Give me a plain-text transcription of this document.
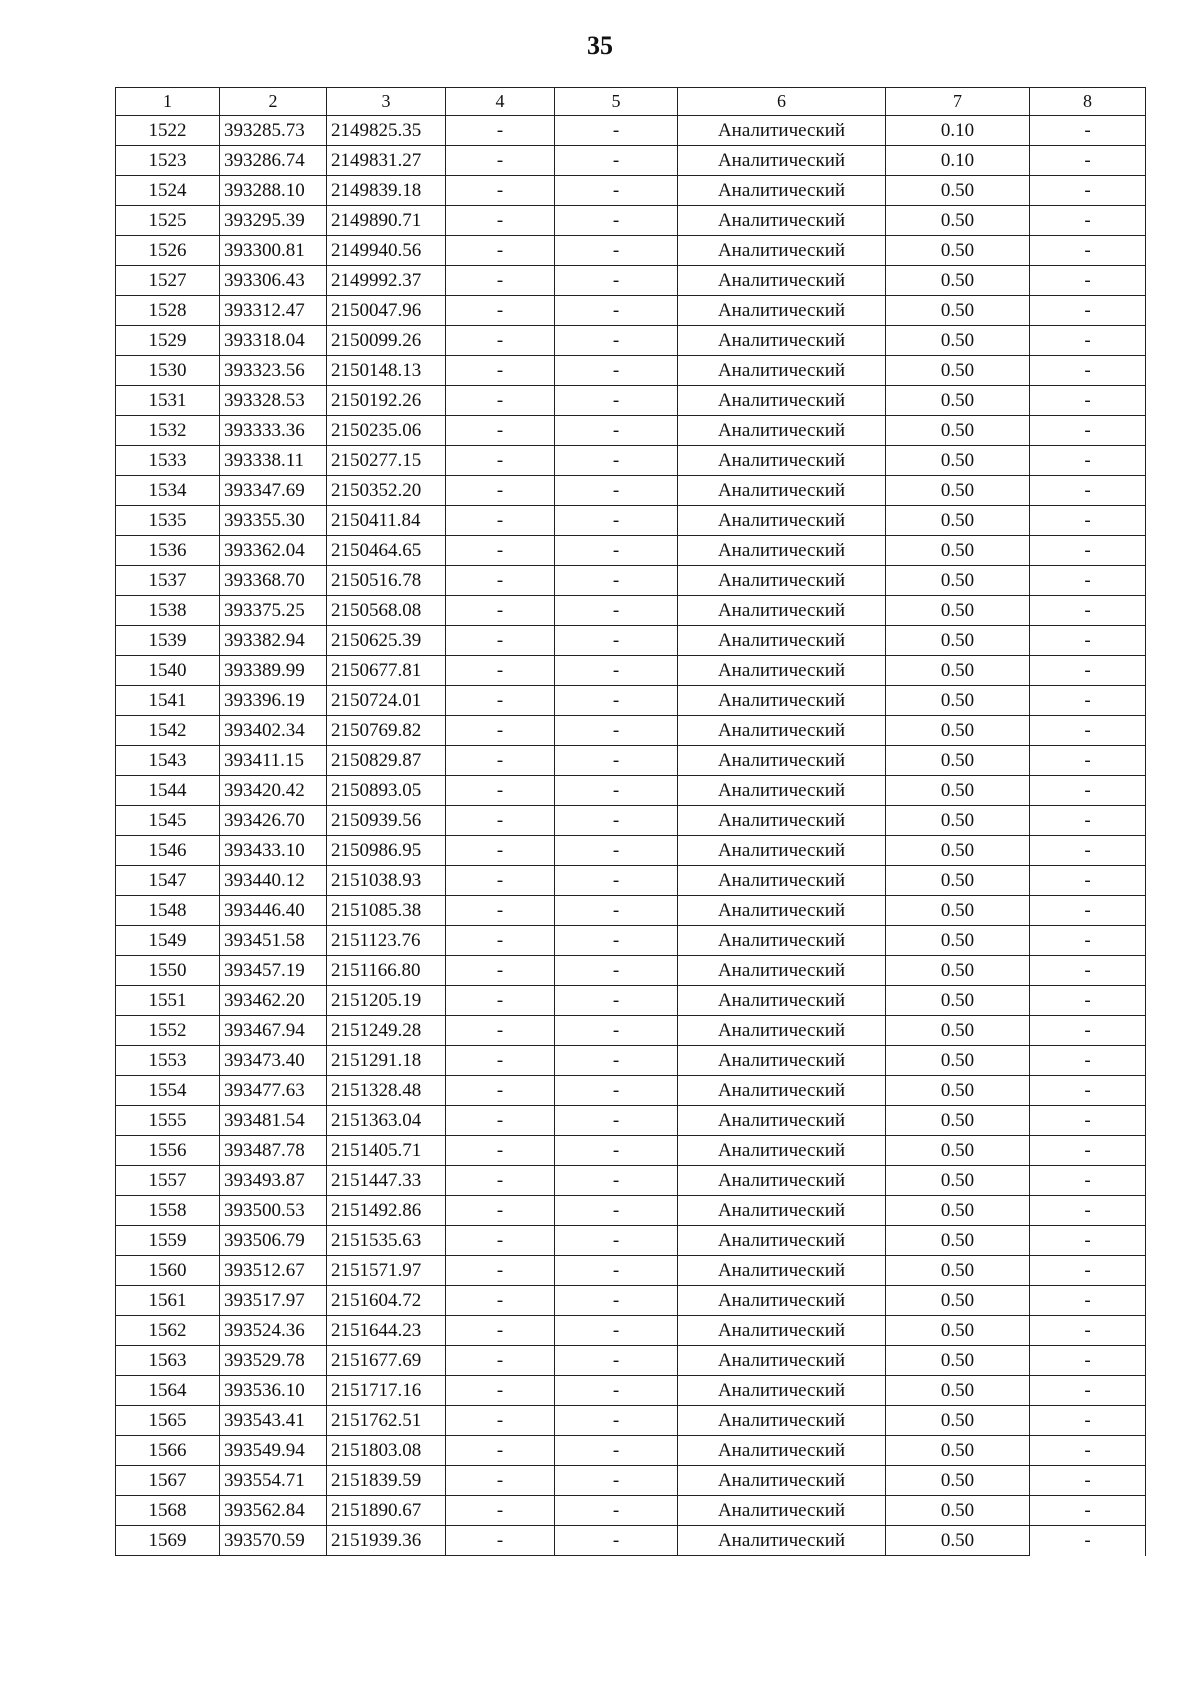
35
1	2	3	4	5	6	7	8
1522	393285.73	2149825.35	-	-	Аналитический	0.10	-
1523	393286.74	2149831.27	-	-	Аналитический	0.10	-
1524	393288.10	2149839.18	-	-	Аналитический	0.50	-
1525	393295.39	2149890.71	-	-	Аналитический	0.50	-
1526	393300.81	2149940.56	-	-	Аналитический	0.50	-
1527	393306.43	2149992.37	-	-	Аналитический	0.50	-
1528	393312.47	2150047.96	-	-	Аналитический	0.50	-
1529	393318.04	2150099.26	-	-	Аналитический	0.50	-
1530	393323.56	2150148.13	-	-	Аналитический	0.50	-
1531	393328.53	2150192.26	-	-	Аналитический	0.50	-
1532	393333.36	2150235.06	-	-	Аналитический	0.50	-
1533	393338.11	2150277.15	-	-	Аналитический	0.50	-
1534	393347.69	2150352.20	-	-	Аналитический	0.50	-
1535	393355.30	2150411.84	-	-	Аналитический	0.50	-
1536	393362.04	2150464.65	-	-	Аналитический	0.50	-
1537	393368.70	2150516.78	-	-	Аналитический	0.50	-
1538	393375.25	2150568.08	-	-	Аналитический	0.50	-
1539	393382.94	2150625.39	-	-	Аналитический	0.50	-
1540	393389.99	2150677.81	-	-	Аналитический	0.50	-
1541	393396.19	2150724.01	-	-	Аналитический	0.50	-
1542	393402.34	2150769.82	-	-	Аналитический	0.50	-
1543	393411.15	2150829.87	-	-	Аналитический	0.50	-
1544	393420.42	2150893.05	-	-	Аналитический	0.50	-
1545	393426.70	2150939.56	-	-	Аналитический	0.50	-
1546	393433.10	2150986.95	-	-	Аналитический	0.50	-
1547	393440.12	2151038.93	-	-	Аналитический	0.50	-
1548	393446.40	2151085.38	-	-	Аналитический	0.50	-
1549	393451.58	2151123.76	-	-	Аналитический	0.50	-
1550	393457.19	2151166.80	-	-	Аналитический	0.50	-
1551	393462.20	2151205.19	-	-	Аналитический	0.50	-
1552	393467.94	2151249.28	-	-	Аналитический	0.50	-
1553	393473.40	2151291.18	-	-	Аналитический	0.50	-
1554	393477.63	2151328.48	-	-	Аналитический	0.50	-
1555	393481.54	2151363.04	-	-	Аналитический	0.50	-
1556	393487.78	2151405.71	-	-	Аналитический	0.50	-
1557	393493.87	2151447.33	-	-	Аналитический	0.50	-
1558	393500.53	2151492.86	-	-	Аналитический	0.50	-
1559	393506.79	2151535.63	-	-	Аналитический	0.50	-
1560	393512.67	2151571.97	-	-	Аналитический	0.50	-
1561	393517.97	2151604.72	-	-	Аналитический	0.50	-
1562	393524.36	2151644.23	-	-	Аналитический	0.50	-
1563	393529.78	2151677.69	-	-	Аналитический	0.50	-
1564	393536.10	2151717.16	-	-	Аналитический	0.50	-
1565	393543.41	2151762.51	-	-	Аналитический	0.50	-
1566	393549.94	2151803.08	-	-	Аналитический	0.50	-
1567	393554.71	2151839.59	-	-	Аналитический	0.50	-
1568	393562.84	2151890.67	-	-	Аналитический	0.50	-
1569	393570.59	2151939.36	-	-	Аналитический	0.50	-
